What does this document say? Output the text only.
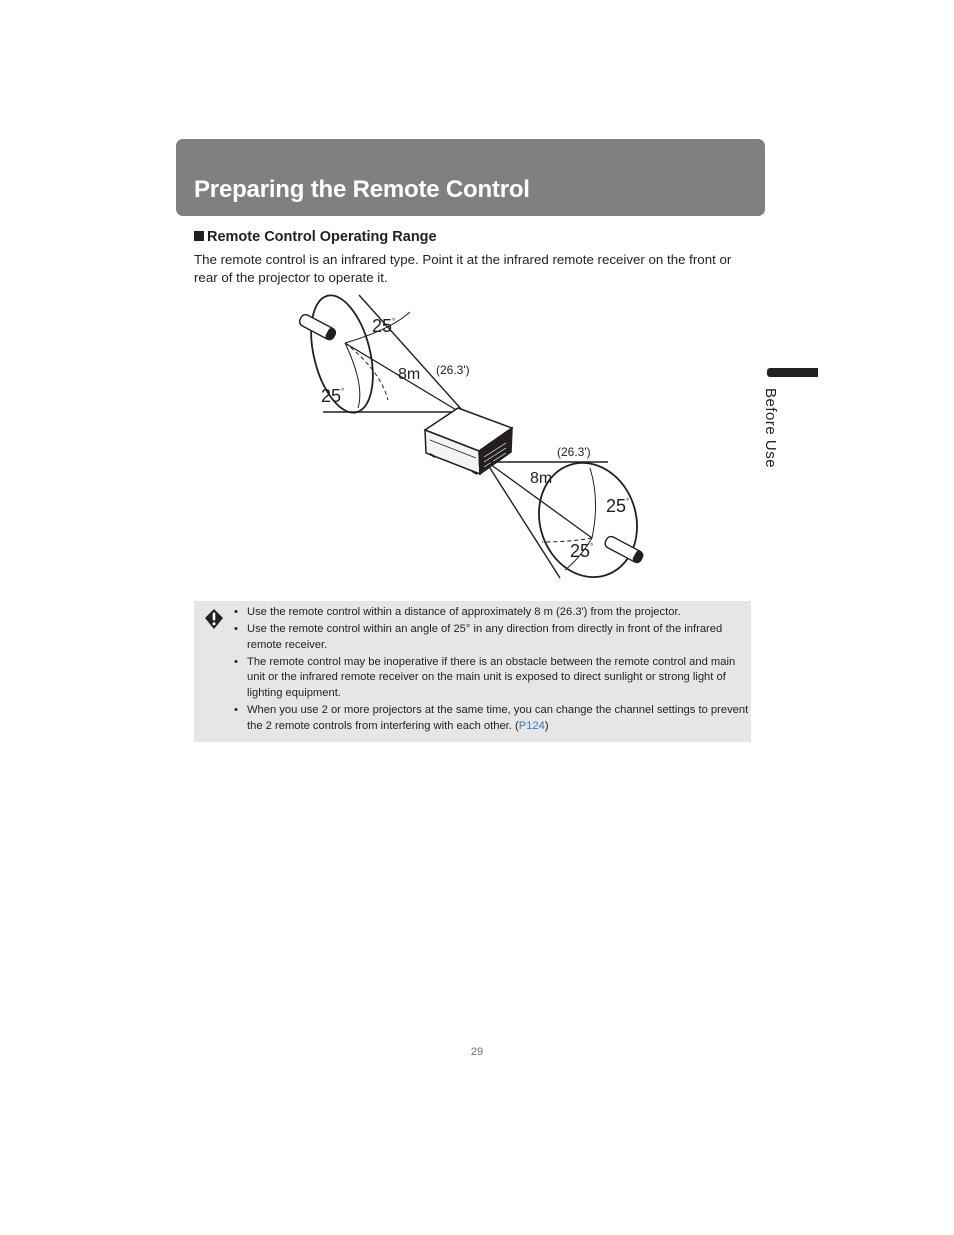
Preparing the Remote Control
Remote Control Operating Range

The remote control is an infrared type. Point it at the infrared remote receiver on the front or rear of the projector to operate it.

25°
25°
8m (26.3')
(26.3')
8m
25°
25°
Before Use
• Use the remote control within a distance of approximately 8 m (26.3') from the projector.
• Use the remote control within an angle of 25° in any direction from directly in front of the infrared remote receiver.
• The remote control may be inoperative if there is an obstacle between the remote control and main unit or the infrared remote receiver on the main unit is exposed to direct sunlight or strong light of lighting equipment.
• When you use 2 or more projectors at the same time, you can change the channel settings to prevent the 2 remote controls from interfering with each other. (P124)
29
